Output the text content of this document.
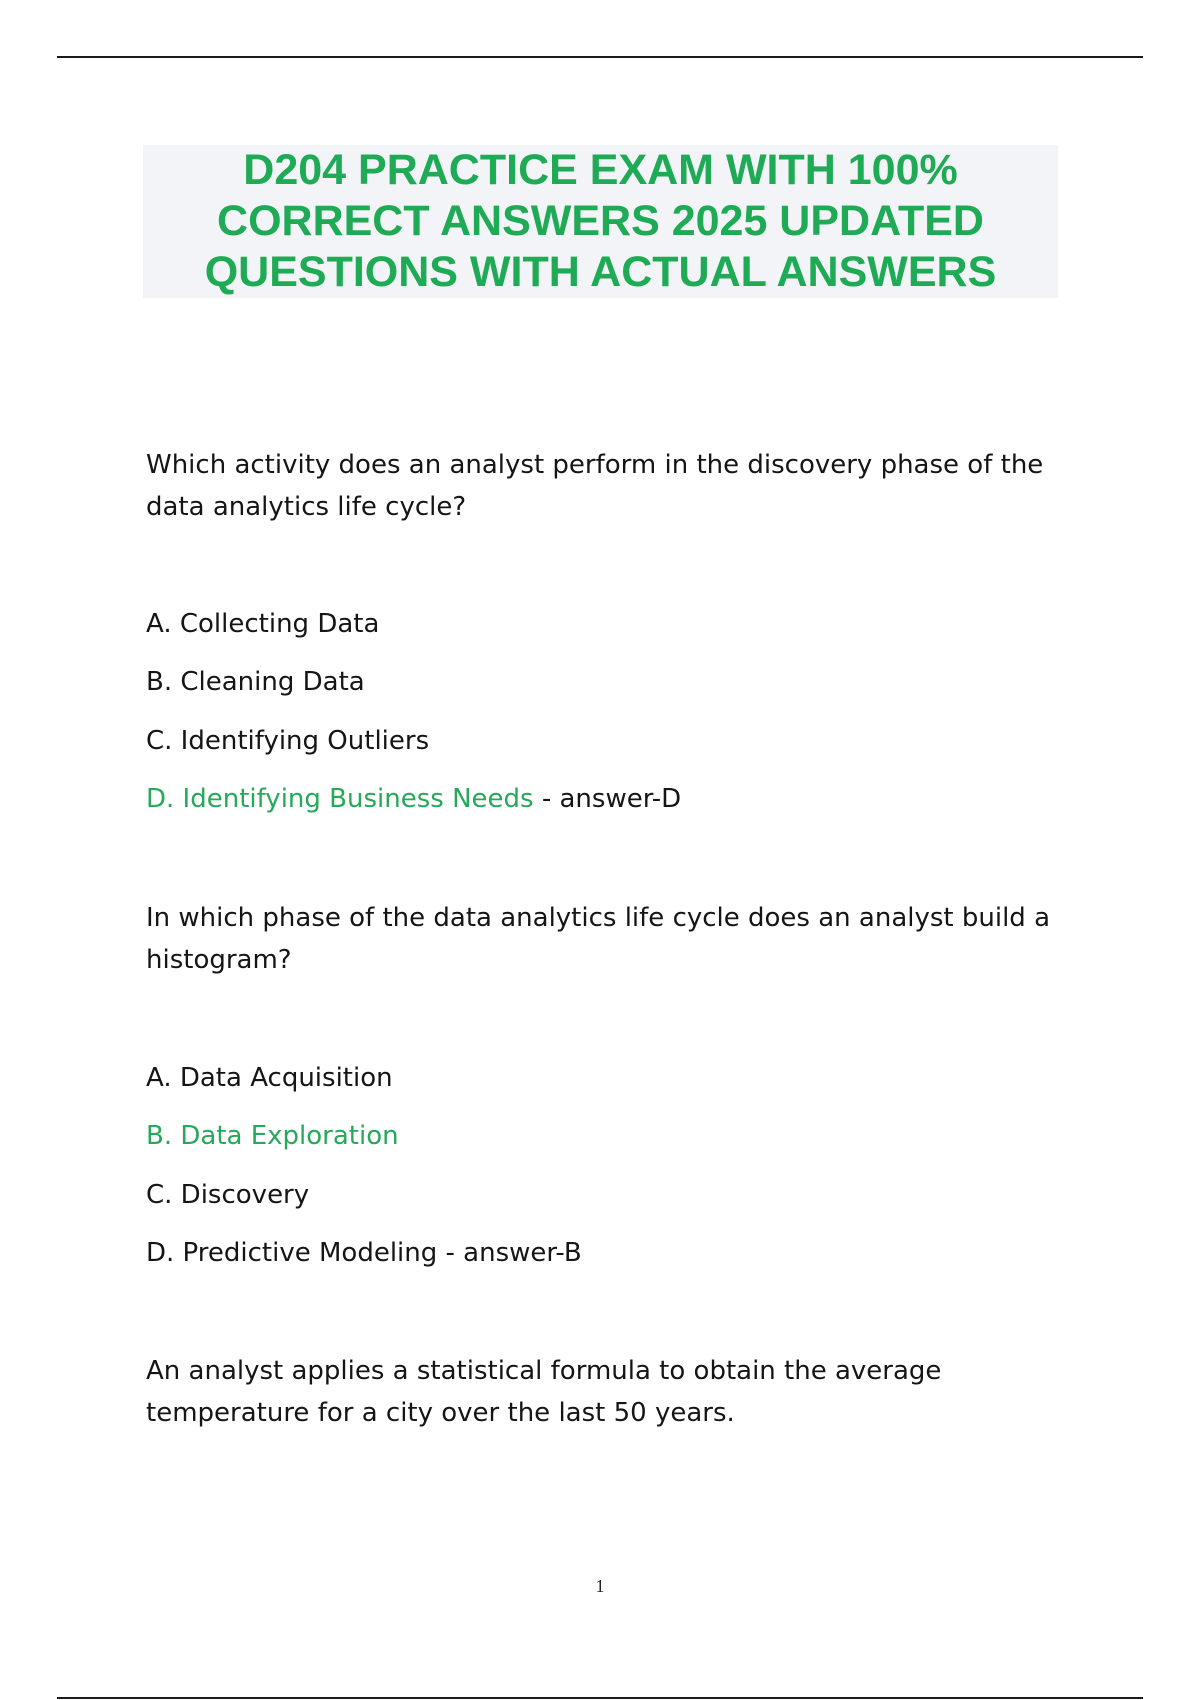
D204 PRACTICE EXAM WITH 100%
CORRECT ANSWERS 2025 UPDATED
QUESTIONS WITH ACTUAL ANSWERS

Which activity does an analyst perform in the discovery phase of the data analytics life cycle?

A. Collecting Data

B. Cleaning Data

C. Identifying Outliers

D. Identifying Business Needs - answer-D

In which phase of the data analytics life cycle does an analyst build a histogram?

A. Data Acquisition

B. Data Exploration

C. Discovery

D. Predictive Modeling - answer-B

An analyst applies a statistical formula to obtain the average temperature for a city over the last 50 years.

1
